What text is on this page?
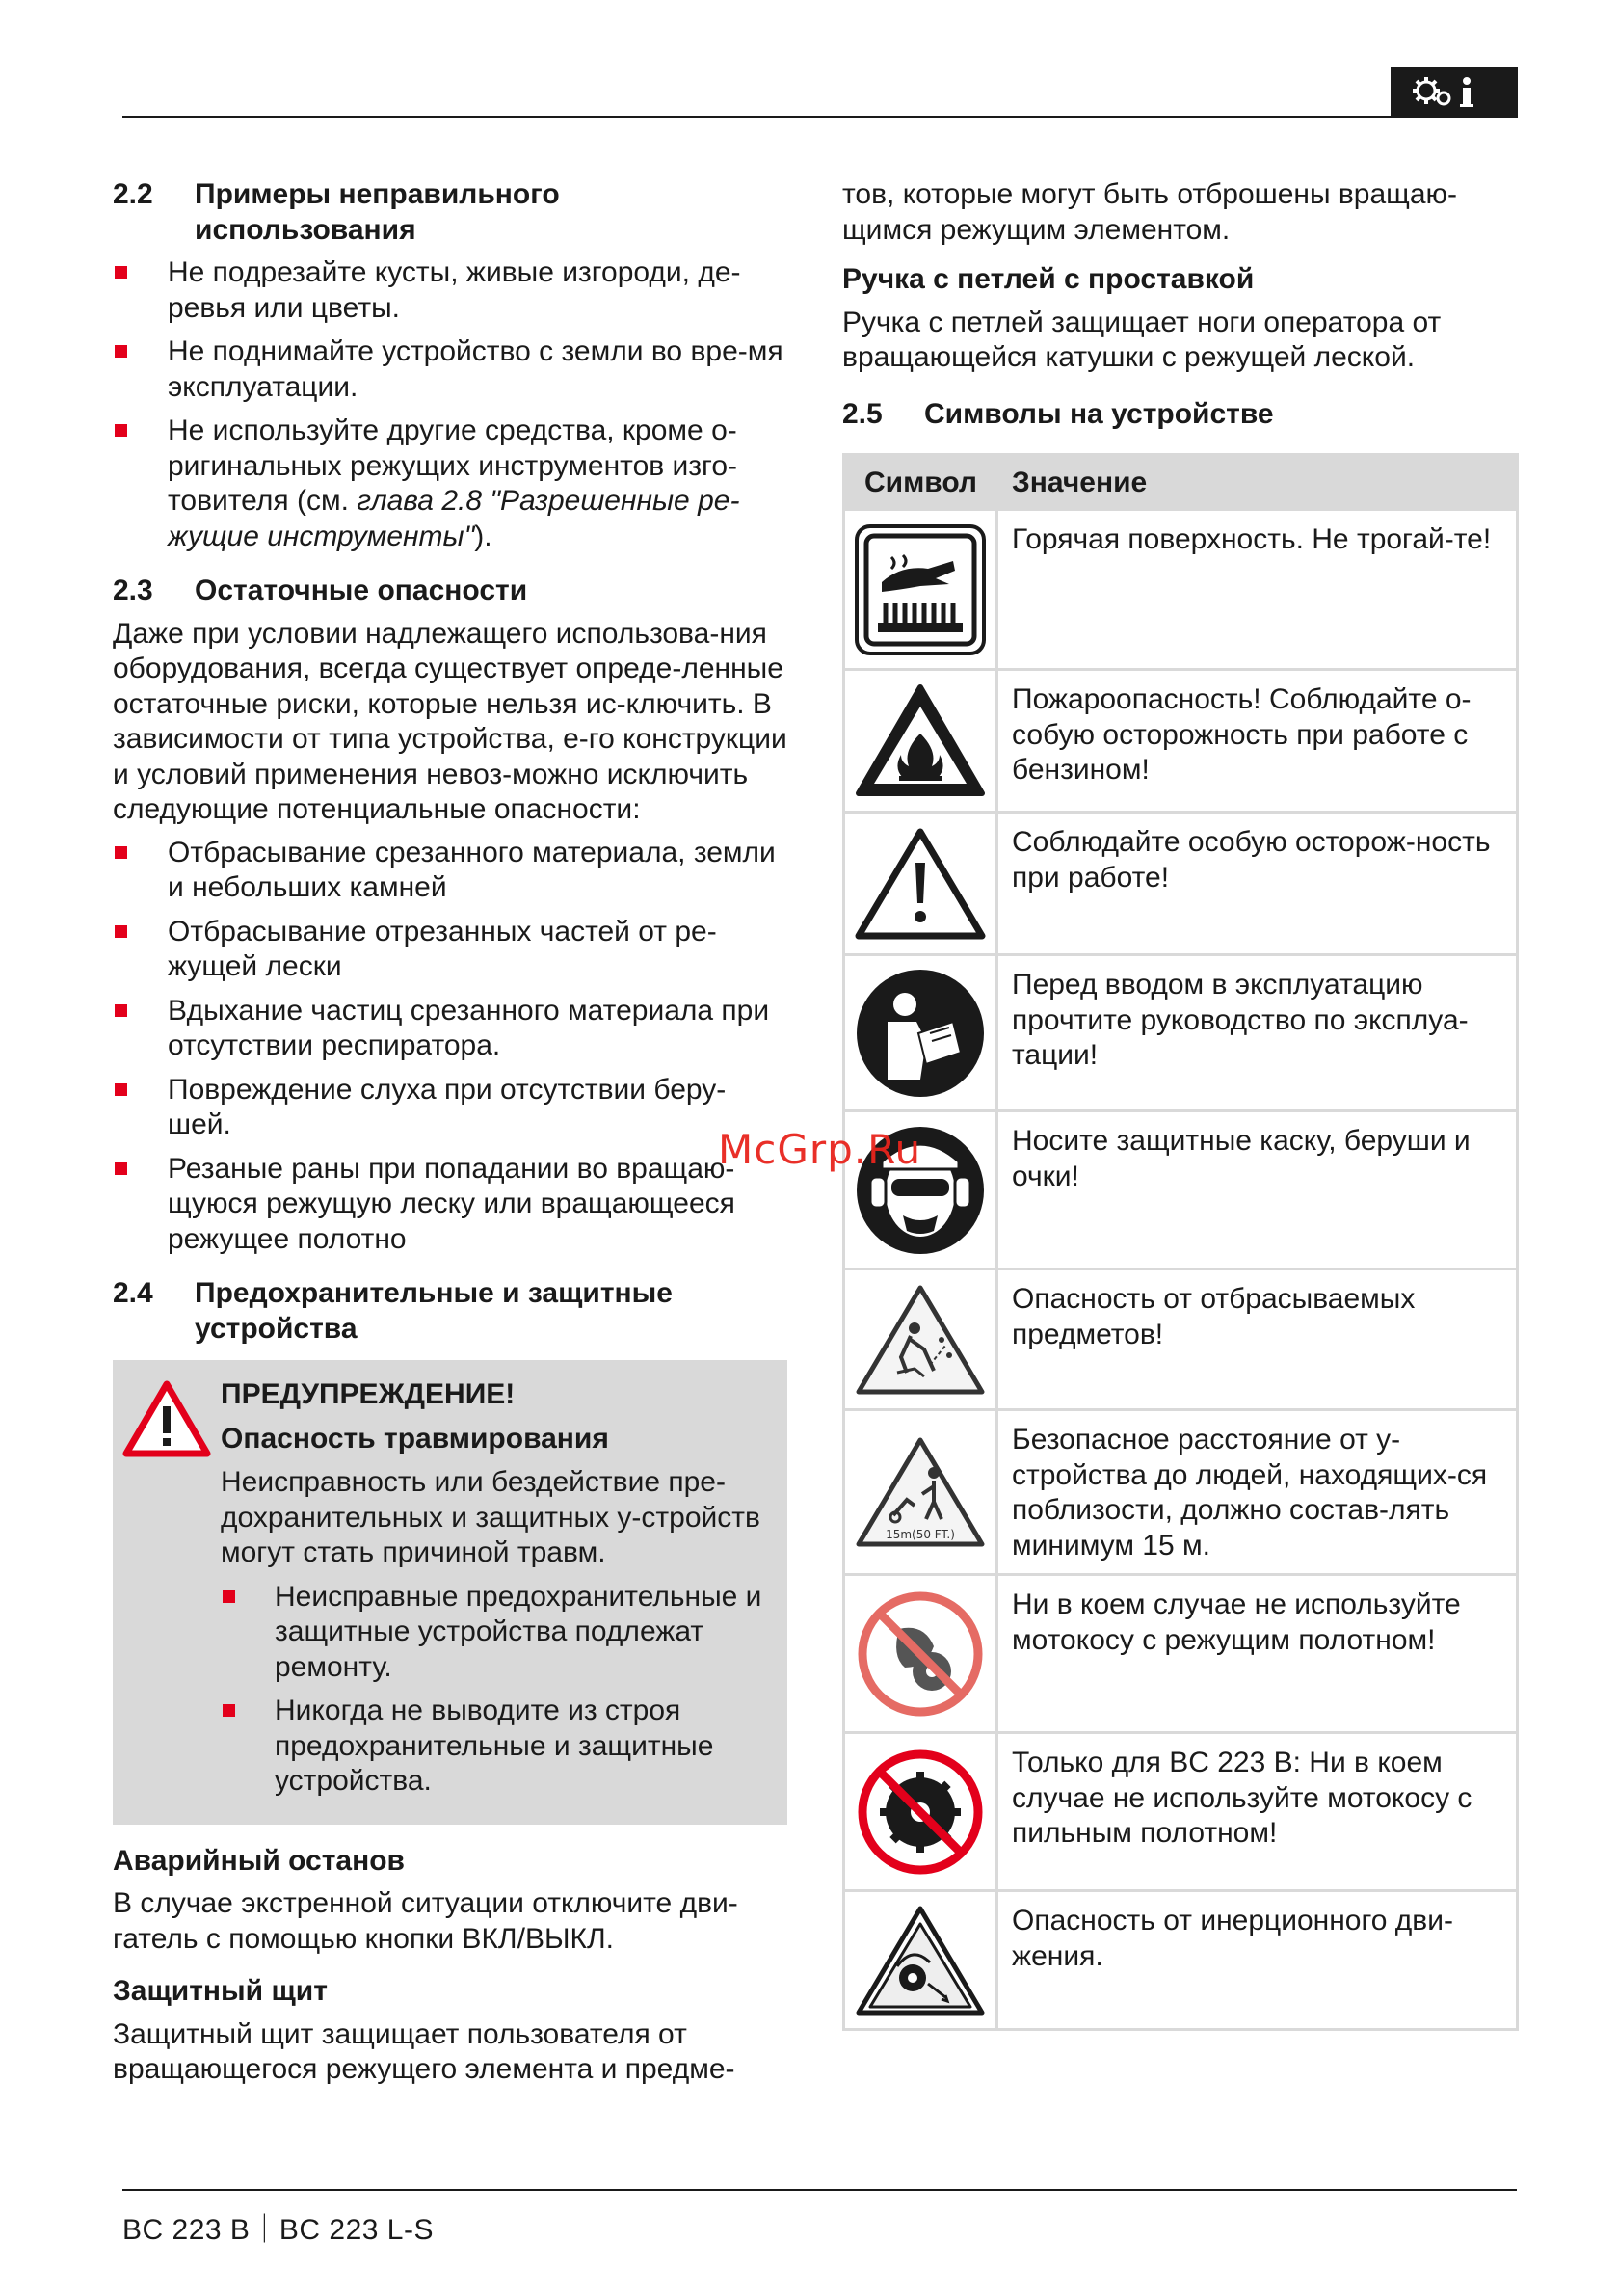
2.2	Примеры неправильного использования
Не подрезайте кусты, живые изгороди, де-ревья или цветы.
Не поднимайте устройство с земли во вре-мя эксплуатации.
Не используйте другие средства, кроме о-ригинальных режущих инструментов изго-товителя (см. глава 2.8 "Разрешенные ре-жущие инструменты").
2.3	Остаточные опасности

Даже при условии надлежащего использова-ния оборудования, всегда существует опреде-ленные остаточные риски, которые нельзя ис-ключить. В зависимости от типа устройства, е-го конструкции и условий применения невоз-можно исключить следующие потенциальные опасности:

Отбрасывание срезанного материала, земли и небольших камней
Отбрасывание отрезанных частей от ре-жущей лески
Вдыхание частиц срезанного материала при отсутствии респиратора.
Повреждение слуха при отсутствии беру-шей.
Резаные раны при попадании во вращаю-щуюся режущую леску или вращающееся режущее полотно
2.4	Предохранительные и защитные устройства

ПРЕДУПРЕЖДЕНИЕ!

Опасность травмирования

Неисправность или бездействие пре-дохранительных и защитных у-стройств могут стать причиной травм.

Неисправные предохранительные и защитные устройства подлежат ремонту.
Никогда не выводите из строя предохранительные и защитные устройства.

Аварийный останов

В случае экстренной ситуации отключите дви-гатель с помощью кнопки ВКЛ/ВЫКЛ.

Защитный щит

Защитный щит защищает пользователя от вращающегося режущего элемента и предме-

тов, которые могут быть отброшены вращаю-щимся режущим элементом.

Ручка с петлей с проставкой

Ручка с петлей защищает ноги оператора от вращающейся катушки с режущей леской.

2.5	Символы на устройстве
Символ	Значение

	Горячая поверхность. Не трогай-те!

	Пожароопасность! Соблюдайте о-собую осторожность при работе с бензином!

	Соблюдайте особую осторож-ность при работе!

	Перед вводом в эксплуатацию прочтите руководство по эксплуа-тации!

	Носите защитные каску, беруши и очки!

	Опасность от отбрасываемых предметов!

15m(50 FT.)	Безопасное расстояние от у-стройства до людей, находящих-ся поблизости, должно состав-лять минимум 15 м.

	Ни в коем случае не используйте мотокосу с режущим полотном!

	Только для BC 223 B: Ни в коем случае не используйте мотокосу с пильным полотном!

	Опасность от инерционного дви-жения.
McGrp.Ru
BC 223 B｜BC 223 L-S
